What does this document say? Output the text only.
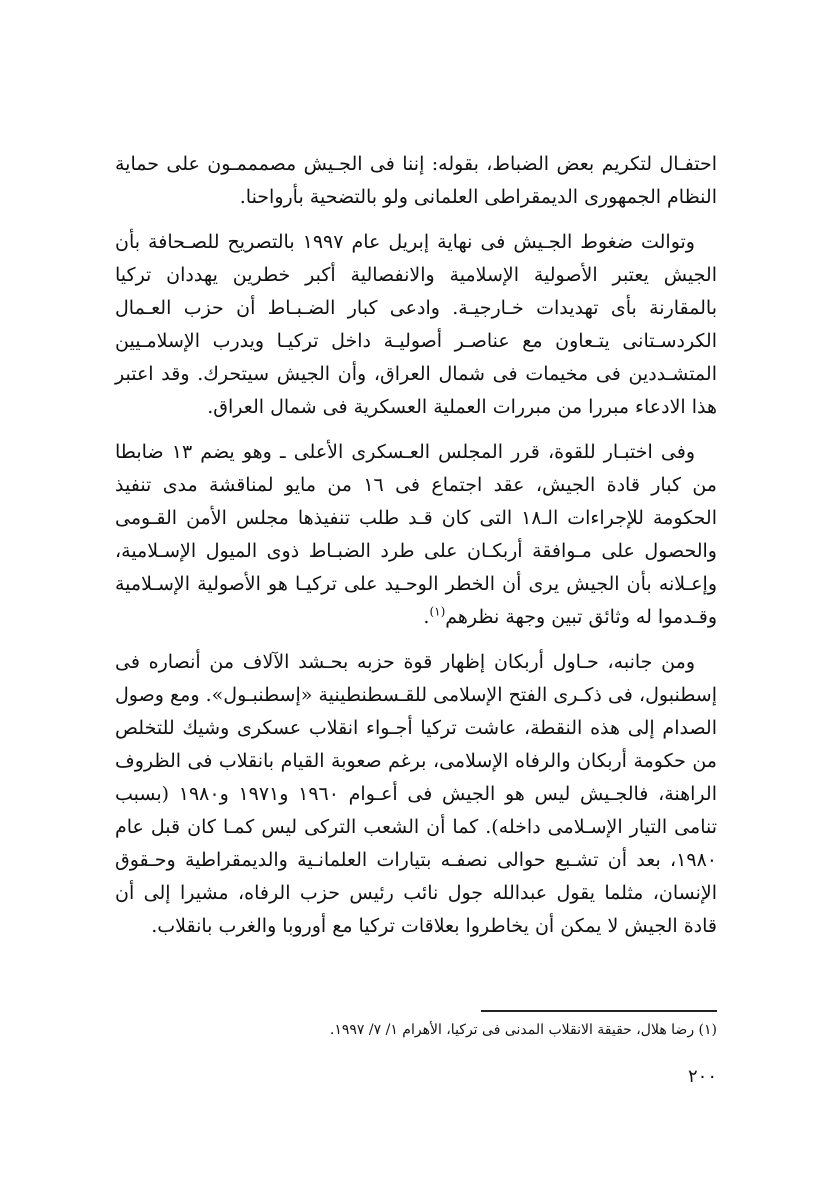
احتفـال لتكريم بعض الضباط، بقوله: إننا فى الجـيش مصمممـون على حماية النظام الجمهورى الديمقراطى العلمانى ولو بالتضحية بأرواحنا.

وتوالت ضغوط الجـيش فى نهاية إبريل عام ١٩٩٧ بالتصريح للصـحافة بأن الجيش يعتبر الأصولية الإسلامية والانفصالية أكبر خطرين يهددان تركيا بالمقارنة بأى تهديدات خـارجيـة. وادعى كبار الضـبـاط أن حزب العـمال الكردسـتانى يتـعاون مع عناصـر أصوليـة داخل تركيـا ويدرب الإسلامـيين المتشـددين فى مخيمات فى شمال العراق، وأن الجيش سيتحرك. وقد اعتبر هذا الادعاء مبررا من مبررات العملية العسكرية فى شمال العراق.

وفى اختبـار للقوة، قرر المجلس العـسكرى الأعلى ـ وهو يضم ١٣ ضابطا من كبار قادة الجيش، عقد اجتماع فى ١٦ من مايو لمناقشة مدى تنفيذ الحكومة للإجراءات الـ١٨ التى كان قـد طلب تنفيذها مجلس الأمن القـومى والحصول على مـوافقة أربكـان على طرد الضبـاط ذوى الميول الإسـلامية، وإعـلانه بأن الجيش يرى أن الخطر الوحـيد على تركيـا هو الأصولية الإسـلامية وقـدموا له وثائق تبين وجهة نظرهم$^{(١)}$.

ومن جانبه، حـاول أربكان إظهار قوة حزبه بحـشد الآلاف من أنصاره فى إسطنبول، فى ذكـرى الفتح الإسلامى للقـسطنطينية «إسطنبـول». ومع وصول الصدام إلى هذه النقطة، عاشت تركيا أجـواء انقلاب عسكرى وشيك للتخلص من حكومة أربكان والرفاه الإسلامى، برغم صعوبة القيام بانقلاب فى الظروف الراهنة، فالجـيش ليس هو الجيش فى أعـوام ١٩٦٠ و١٩٧١ و١٩٨٠ (بسبب تنامى التيار الإسـلامى داخله). كما أن الشعب التركى ليس كمـا كان قبل عام ١٩٨٠، بعد أن تشـبع حوالى نصفـه بتيارات العلمانـية والديمقراطية وحـقوق الإنسان، مثلما يقول عبدالله جول نائب رئيس حزب الرفاه، مشيرا إلى أن قادة الجيش لا يمكن أن يخاطروا بعلاقات تركيا مع أوروبا والغرب بانقلاب.

(١) رضا هلال، حقيقة الانقلاب المدنى فى تركيا، الأهرام ١/ ٧/ ١٩٩٧.
٢٠٠
